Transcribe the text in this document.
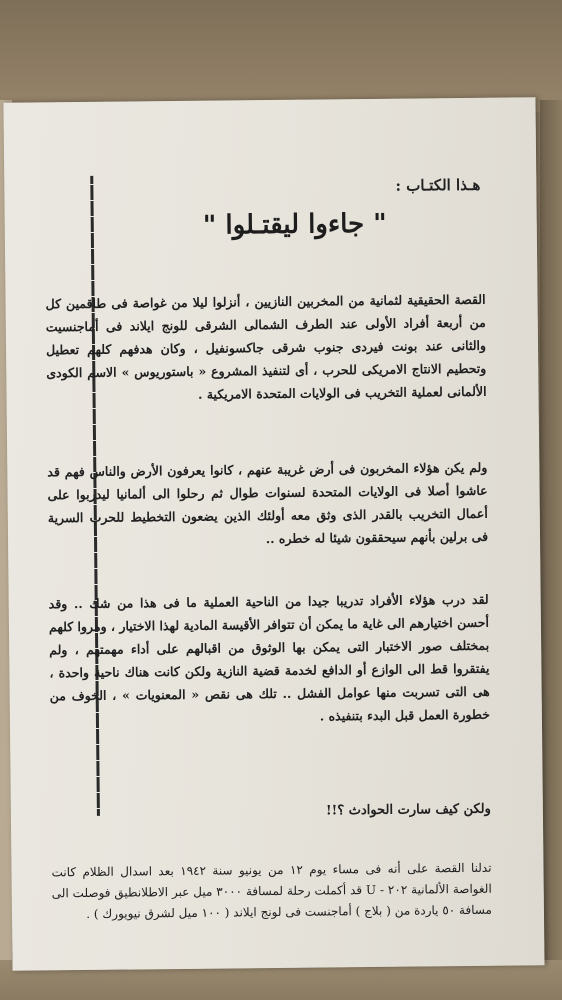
هـذا الكتـاب :
" جاءوا ليقتـلوا "

القصة الحقيقية لثمانية من المخربين النازيين ، أنزلوا ليلا من غواصة فى طاقمين كل من أربعة أفراد الأولى عند الطرف الشمالى الشرقى للونج ايلاند فى أماجنسيت والثانى عند بونت فيردى جنوب شرقى جاكسونفيل ، وكان هدفهم كلهم تعطيل وتحطيم الانتاج الامريكى للحرب ، أى لتنفيذ المشروع « باستوريوس » الاسم الكودى الألمانى لعملية التخريب فى الولايات المتحدة الامريكية .

ولم يكن هؤلاء المخربون فى أرض غريبة عنهم ، كانوا يعرفون الأرض والناس فهم قد عاشوا أصلا فى الولايات المتحدة لسنوات طوال ثم رحلوا الى ألمانيا ليدربوا على أعمال التخريب بالقدر الذى وثق معه أولئك الذين يضعون التخطيط للحرب السرية فى برلين بأنهم سيحققون شيئا له خطره ..

لقد درب هؤلاء الأفراد تدريبا جيدا من الناحية العملية ما فى هذا من شك .. وقد أحسن اختيارهم الى غاية ما يمكن أن تتوافر الأقيسة المادية لهذا الاختيار ، ومروا كلهم بمختلف صور الاختبار التى يمكن بها الوثوق من اقبالهم على أداء مهمتهم ، ولم يفتقروا قط الى الوازع أو الدافع لخدمة قضية النازية ولكن كانت هناك ناحية واحدة ، هى التى تسربت منها عوامل الفشل .. تلك هى نقص « المعنويات » ، الخوف من خطورة العمل قبل البدء بتنفيذه .

ولكن كيف سارت الحوادث ؟!!

تدلنا القصة على أنه فى مساء يوم ١٢ من يونيو سنة ١٩٤٢ بعد اسدال الظلام كانت الغواصة الألمانية ٢٠٢ - U قد أكملت رحلة لمسافة ٣٠٠٠ ميل عبر الاطلانطيق فوصلت الى مسافة ٥٠ ياردة من ( بلاج ) أماجنست فى لونج ايلاند ( ١٠٠ ميل لشرق نيويورك ) .
